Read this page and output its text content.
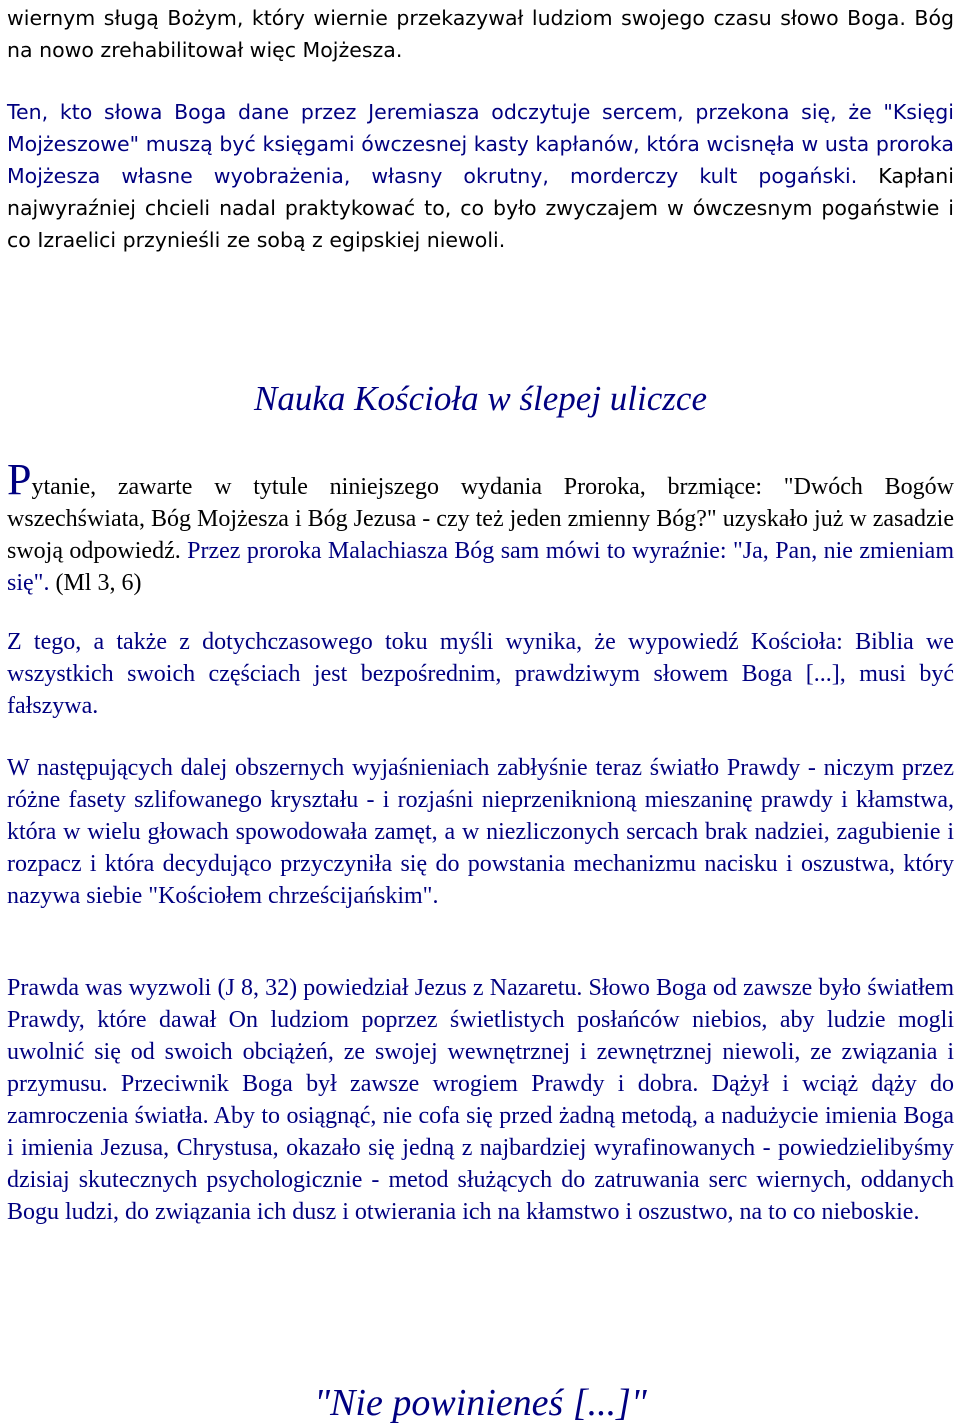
wiernym sługą Bożym, który wiernie przekazywał ludziom swojego czasu słowo Boga. Bóg na nowo zrehabilitował więc Mojżesza.

Ten, kto słowa Boga dane przez Jeremiasza odczytuje sercem, przekona się, że "Księgi Mojżeszowe" muszą być księgami ówczesnej kasty kapłanów, która wcisnęła w usta proroka Mojżesza własne wyobrażenia, własny okrutny, morderczy kult pogański. Kapłani najwyraźniej chcieli nadal praktykować to, co było zwyczajem w ówczesnym pogaństwie i co Izraelici przynieśli ze sobą z egipskiej niewoli.

Nauka Kościoła w ślepej uliczce

Pytanie, zawarte w tytule niniejszego wydania Proroka, brzmiące: "Dwóch Bogów wszechświata, Bóg Mojżesza i Bóg Jezusa - czy też jeden zmienny Bóg?" uzyskało już w zasadzie swoją odpowiedź. Przez proroka Malachiasza Bóg sam mówi to wyraźnie: "Ja, Pan, nie zmieniam się". (Ml 3, 6)

Z tego, a także z dotychczasowego toku myśli wynika, że wypowiedź Kościoła: Biblia we wszystkich swoich częściach jest bezpośrednim, prawdziwym słowem Boga [...], musi być fałszywa.

W następujących dalej obszernych wyjaśnieniach zabłyśnie teraz światło Prawdy - niczym przez różne fasety szlifowanego kryształu - i rozjaśni nieprzeniknioną mieszaninę prawdy i kłamstwa, która w wielu głowach spowodowała zamęt, a w niezliczonych sercach brak nadziei, zagubienie i rozpacz i która decydująco przyczyniła się do powstania mechanizmu nacisku i oszustwa, który nazywa siebie "Kościołem chrześcijańskim".

Prawda was wyzwoli (J 8, 32) powiedział Jezus z Nazaretu. Słowo Boga od zawsze było światłem Prawdy, które dawał On ludziom poprzez świetlistych posłańców niebios, aby ludzie mogli uwolnić się od swoich obciążeń, ze swojej wewnętrznej i zewnętrznej niewoli, ze związania i przymusu. Przeciwnik Boga był zawsze wrogiem Prawdy i dobra. Dążył i wciąż dąży do zamroczenia światła. Aby to osiągnąć, nie cofa się przed żadną metodą, a nadużycie imienia Boga i imienia Jezusa, Chrystusa, okazało się jedną z najbardziej wyrafinowanych - powiedzielibyśmy dzisiaj skutecznych psychologicznie - metod służących do zatruwania serc wiernych, oddanych Bogu ludzi, do związania ich dusz i otwierania ich na kłamstwo i oszustwo, na to co nieboskie.

"Nie powinieneś [...]"
